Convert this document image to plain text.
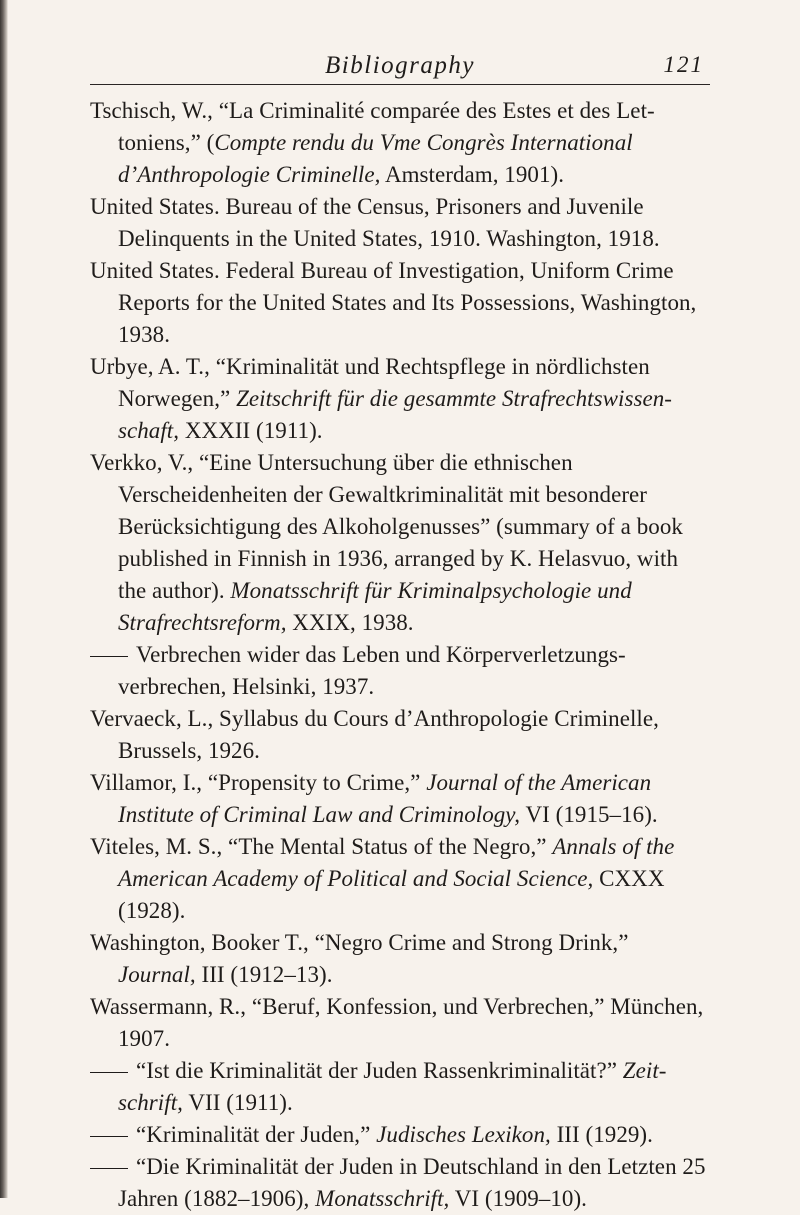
Bibliography	121
Tschisch, W., “La Criminalité comparée des Estes et des Lettoniens,” (Compte rendu du Vme Congrès International d’Anthropologie Criminelle, Amsterdam, 1901).
United States. Bureau of the Census, Prisoners and Juvenile Delinquents in the United States, 1910. Washington, 1918.
United States. Federal Bureau of Investigation, Uniform Crime Reports for the United States and Its Possessions, Washington, 1938.
Urbye, A. T., “Kriminalität und Rechtspflege in nördlichsten Norwegen,” Zeitschrift für die gesammte Strafrechtswissenschaft, XXXII (1911).
Verkko, V., “Eine Untersuchung über die ethnischen Verscheidenheiten der Gewaltkriminalität mit besonderer Berücksichtigung des Alkoholgenusses” (summary of a book published in Finnish in 1936, arranged by K. Helasvuo, with the author). Monatsschrift für Kriminalpsychologie und Strafrechtsreform, XXIX, 1938.
Verbrechen wider das Leben und Körperverletzungsverbrechen, Helsinki, 1937.
Vervaeck, L., Syllabus du Cours d’Anthropologie Criminelle, Brussels, 1926.
Villamor, I., “Propensity to Crime,” Journal of the American Institute of Criminal Law and Criminology, VI (1915–16).
Viteles, M. S., “The Mental Status of the Negro,” Annals of the American Academy of Political and Social Science, CXXX (1928).
Washington, Booker T., “Negro Crime and Strong Drink,” Journal, III (1912–13).
Wassermann, R., “Beruf, Konfession, und Verbrechen,” München, 1907.
“Ist die Kriminalität der Juden Rassenkriminalität?” Zeitschrift, VII (1911).
“Kriminalität der Juden,” Judisches Lexikon, III (1929).
“Die Kriminalität der Juden in Deutschland in den Letzten 25 Jahren (1882–1906), Monatsschrift, VI (1909–10).
